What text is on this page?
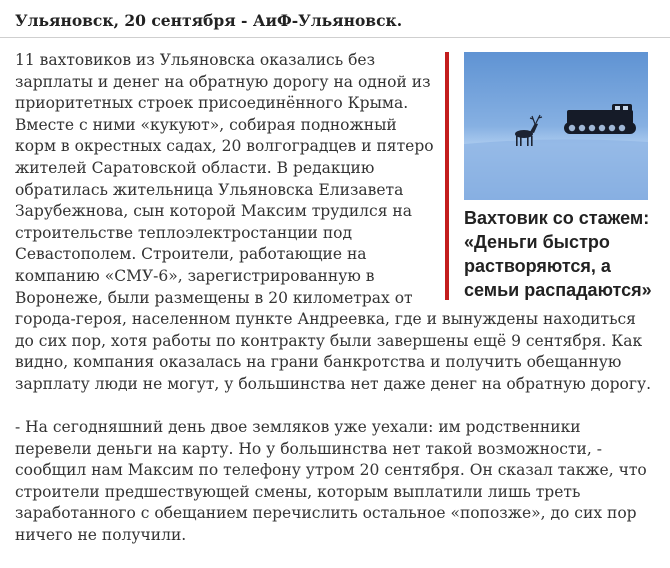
Ульяновск, 20 сентября - АиФ-Ульяновск.
Вахтовик со стажем: «Деньги быстро растворяются, а семьи распадаются»

11 вахтовиков из Ульяновска оказались без зарплаты и денег на обратную дорогу на одной из приоритетных строек присоединённого Крыма. Вместе с ними «кукуют», собирая подножный корм в окрестных садах, 20 волгоградцев и пятеро жителей Саратовской области. В редакцию обратилась жительница Ульяновска Елизавета Зарубежнова, сын которой Максим трудился на строительстве теплоэлектростанции под Севастополем. Строители, работающие на компанию «СМУ-6», зарегистрированную в Воронеже, были размещены в 20 километрах от города-героя, населенном пункте Андреевка, где и вынуждены находиться до сих пор, хотя работы по контракту были завершены ещё 9 сентября. Как видно, компания оказалась на грани банкротства и получить обещанную зарплату люди не могут, у большинства нет даже денег на обратную дорогу.

- На сегодняшний день двое земляков уже уехали: им родственники перевели деньги на карту. Но у большинства нет такой возможности, - сообщил нам Максим по телефону утром 20 сентября. Он сказал также, что строители предшествующей смены, которым выплатили лишь треть заработанного с обещанием перечислить остальное «попозже», до сих пор ничего не получили.
